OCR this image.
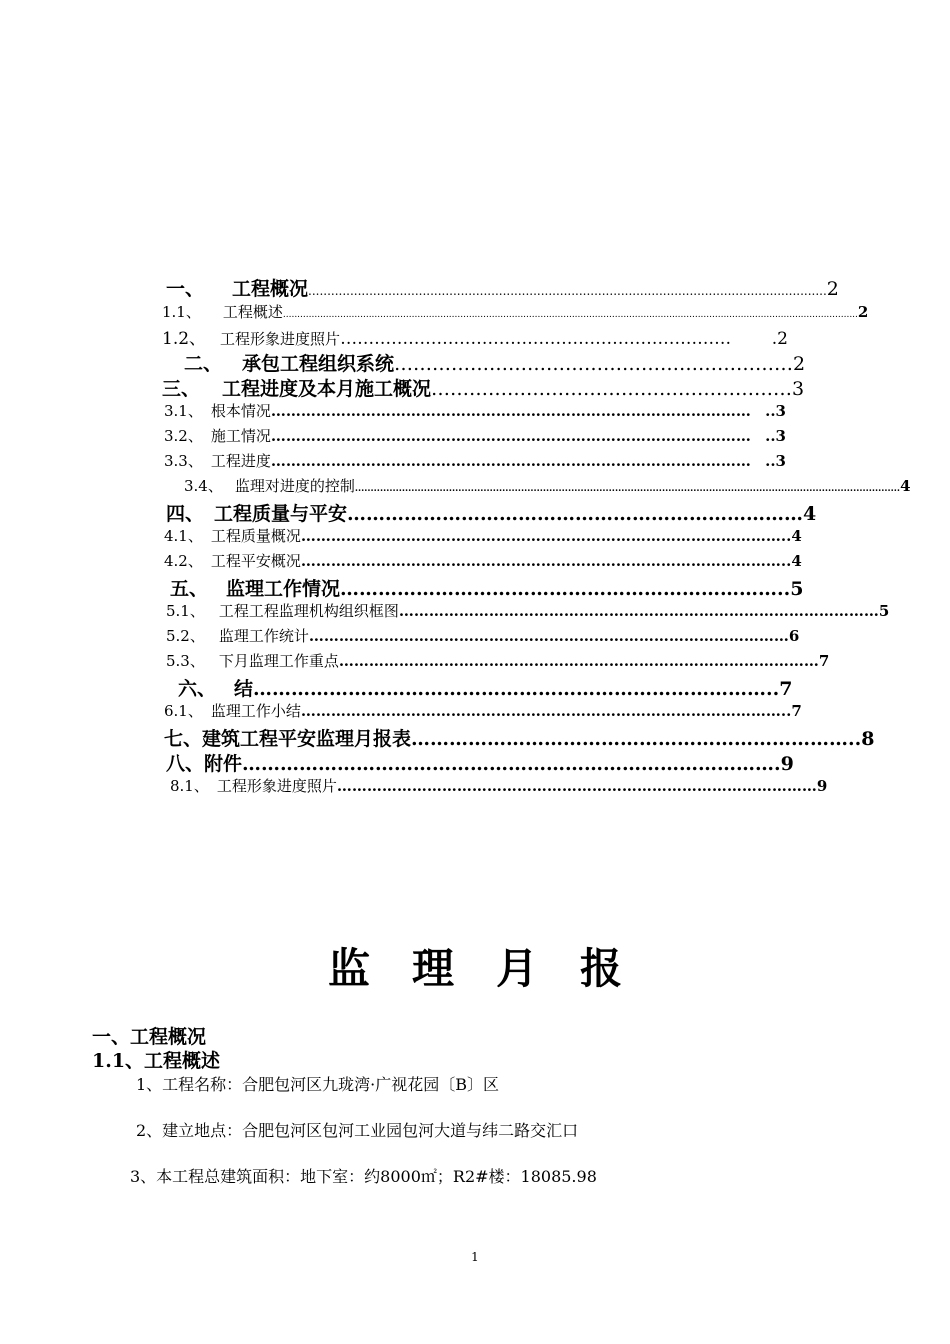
一、 工程概况 ........................................................................................................................................ 2
1.1、 工程概述 ......................................................................................................................................................................................................... 2
1.2、 工程形象进度照片 ……………………………………………………………	.2
二、 承包工程组织系统 ……………………………………………………… 2
三、 工程进度及本月施工概况 ………………………………………………… 3
3.1、 根本情况 …………………………………………………………………………………… ..3
3.2、 施工情况 …………………………………………………………………………………… ..3
3.3、 工程进度 …………………………………………………………………………………… ..3
3.4、 监理对进度的控制 .............................................................................................................................................................................. 4
四、 工程质量与平安 ……………………………………………………………… 4
4.1、 工程质量概况 …………………………………………………………………………………… ..4
4.2、 工程平安概况 …………………………………………………………………………………… ..4
五、 监理工作情况 …………………………………………………………… ..5
5.1、 工程工程监理机构组织框图 …………………………………………………………………………………… 5
5.2、 监理工作统计 …………………………………………………………………………………… 6
5.3、 下月监理工作重点 …………………………………………………………………………………… 7
六、 结 ……………………………………………………………………… ..7
6.1、 监理工作小结 …………………………………………………………………………………… ..7
七、 建筑工程平安监理月报表 …………………………………………………………… ..8
八、 附件 ………………………………………………………………………… .9
8.1、 工程形象进度照片 …………………………………………………………………………………… 9
监理月报
一、工程概况
1.1、工程概述
1、工程名称：合肥包河区九珑湾·广视花园〔B〕区
2、建立地点：合肥包河区包河工业园包河大道与纬二路交汇口
3、本工程总建筑面积：地下室：约8000㎡；R2#楼：18085.98
1
